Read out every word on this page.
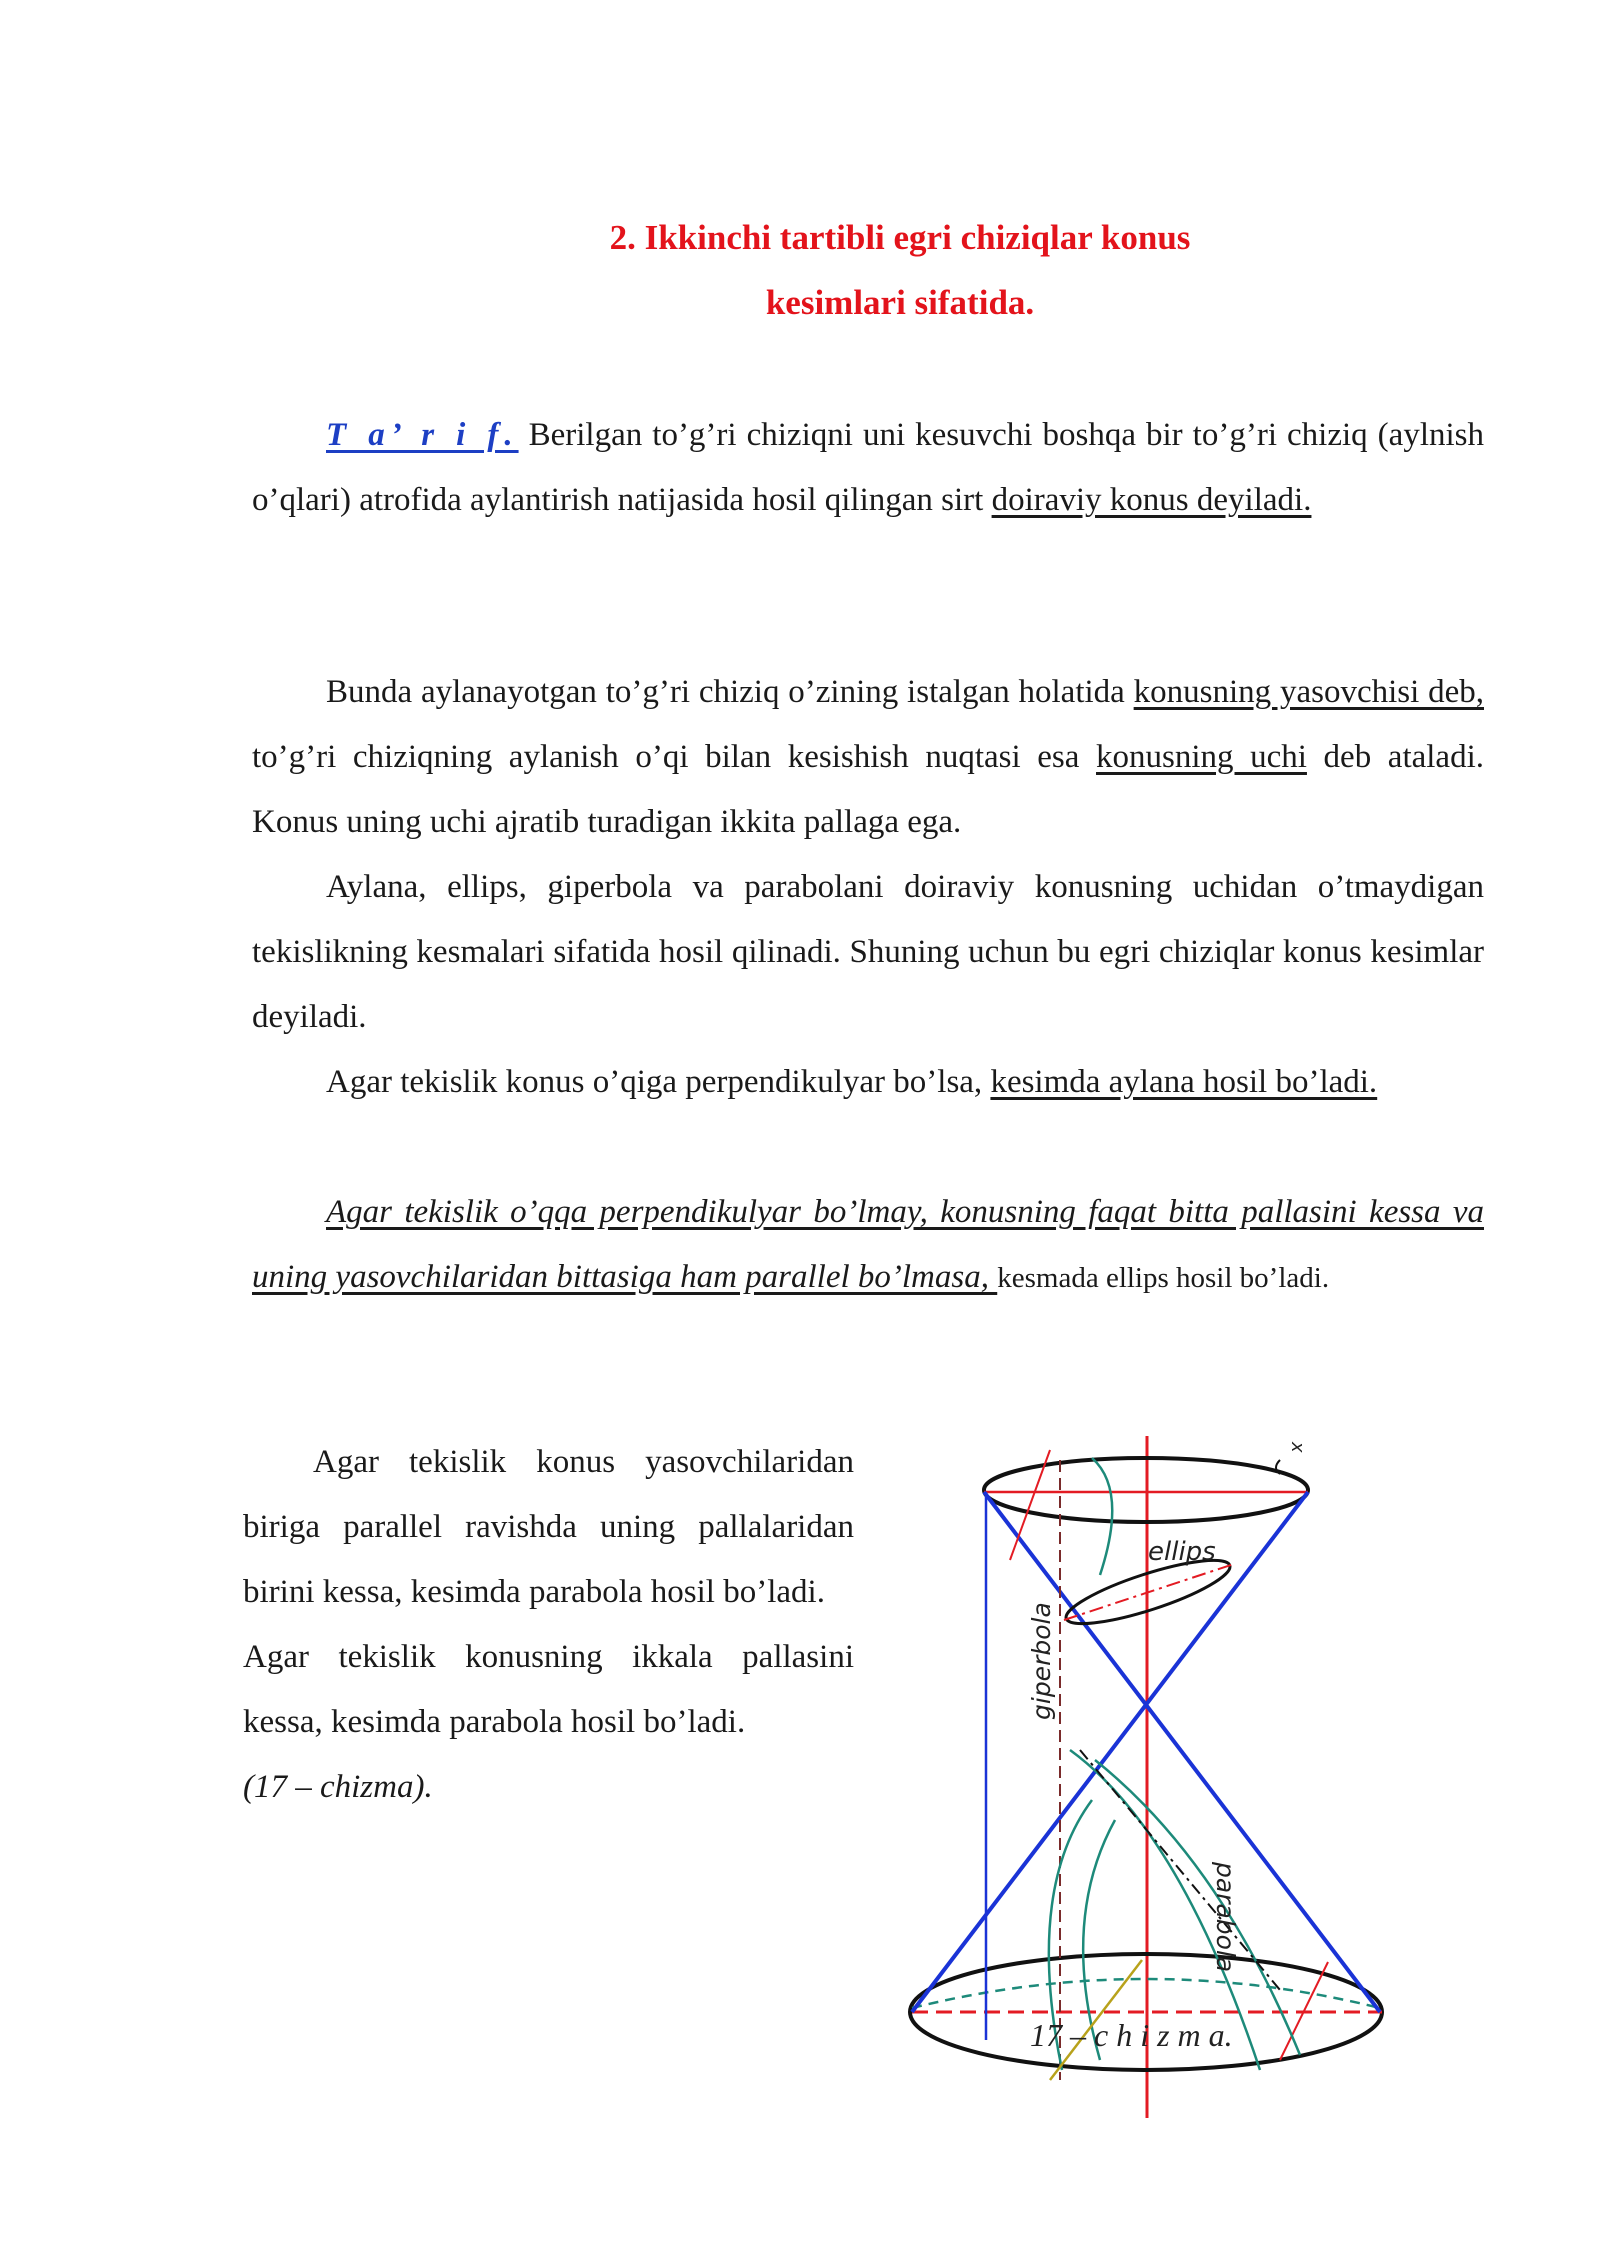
2. Ikkinchi tartibli egri chiziqlar konus
kesimlari sifatida.
T a’ r i f. Berilgan to’g’ri chiziqni uni kesuvchi boshqa bir to’g’ri chiziq (aylnish o’qlari) atrofida aylantirish natijasida hosil qilingan sirt doiraviy konus deyiladi.
Bunda aylanayotgan to’g’ri chiziq o’zining istalgan holatida konusning yasovchisi deb, to’g’ri chiziqning aylanish o’qi bilan kesishish nuqtasi esa konusning uchi deb ataladi. Konus uning uchi ajratib turadigan ikkita pallaga ega.
Aylana, ellips, giperbola va parabolani doiraviy konusning uchidan o’tmaydigan tekislikning kesmalari sifatida hosil qilinadi. Shuning uchun bu egri chiziqlar konus kesimlar deyiladi.
Agar tekislik konus o’qiga perpendikulyar bo’lsa, kesimda aylana hosil bo’ladi.
Agar tekislik o’qqa perpendikulyar bo’lmay, konusning faqat bitta pallasini kessa va uning yasovchilaridan bittasiga ham parallel bo’lmasa, kesmada ellips hosil bo’ladi.

Agar tekislik konus yasovchilaridan biriga parallel ravishda uning pallalaridan birini kessa, kesimda parabola hosil bo’ladi.

Agar tekislik konusning ikkala pallasini kessa, kesimda parabola hosil bo’ladi.

(17 – chizma).

ellips
giperbola
parabola
x
17 – c h i z m a.
